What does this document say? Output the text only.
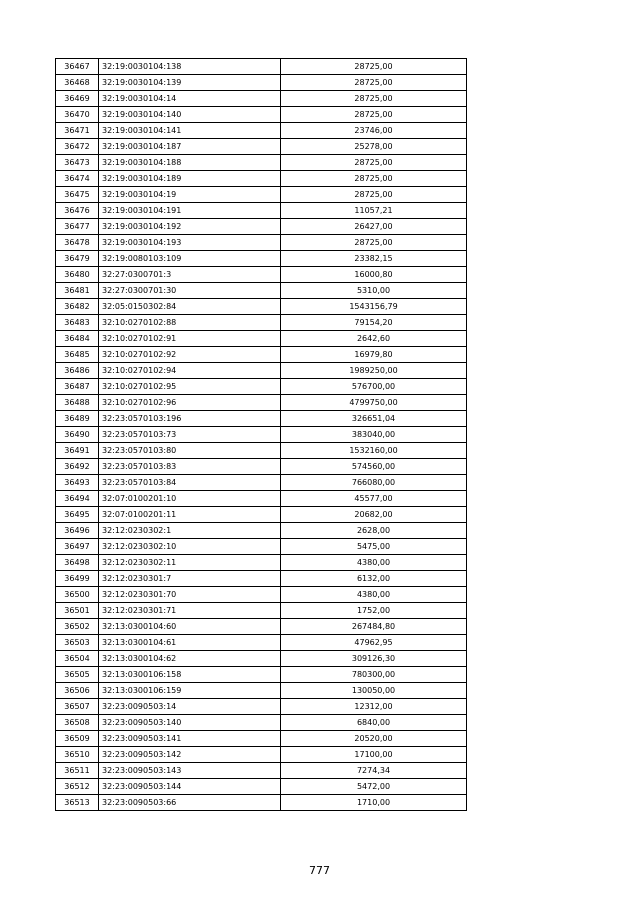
36467	32:19:0030104:138	28725,00
36468	32:19:0030104:139	28725,00
36469	32:19:0030104:14	28725,00
36470	32:19:0030104:140	28725,00
36471	32:19:0030104:141	23746,00
36472	32:19:0030104:187	25278,00
36473	32:19:0030104:188	28725,00
36474	32:19:0030104:189	28725,00
36475	32:19:0030104:19	28725,00
36476	32:19:0030104:191	11057,21
36477	32:19:0030104:192	26427,00
36478	32:19:0030104:193	28725,00
36479	32:19:0080103:109	23382,15
36480	32:27:0300701:3	16000,80
36481	32:27:0300701:30	5310,00
36482	32:05:0150302:84	1543156,79
36483	32:10:0270102:88	79154,20
36484	32:10:0270102:91	2642,60
36485	32:10:0270102:92	16979,80
36486	32:10:0270102:94	1989250,00
36487	32:10:0270102:95	576700,00
36488	32:10:0270102:96	4799750,00
36489	32:23:0570103:196	326651,04
36490	32:23:0570103:73	383040,00
36491	32:23:0570103:80	1532160,00
36492	32:23:0570103:83	574560,00
36493	32:23:0570103:84	766080,00
36494	32:07:0100201:10	45577,00
36495	32:07:0100201:11	20682,00
36496	32:12:0230302:1	2628,00
36497	32:12:0230302:10	5475,00
36498	32:12:0230302:11	4380,00
36499	32:12:0230301:7	6132,00
36500	32:12:0230301:70	4380,00
36501	32:12:0230301:71	1752,00
36502	32:13:0300104:60	267484,80
36503	32:13:0300104:61	47962,95
36504	32:13:0300104:62	309126,30
36505	32:13:0300106:158	780300,00
36506	32:13:0300106:159	130050,00
36507	32:23:0090503:14	12312,00
36508	32:23:0090503:140	6840,00
36509	32:23:0090503:141	20520,00
36510	32:23:0090503:142	17100,00
36511	32:23:0090503:143	7274,34
36512	32:23:0090503:144	5472,00
36513	32:23:0090503:66	1710,00
777
